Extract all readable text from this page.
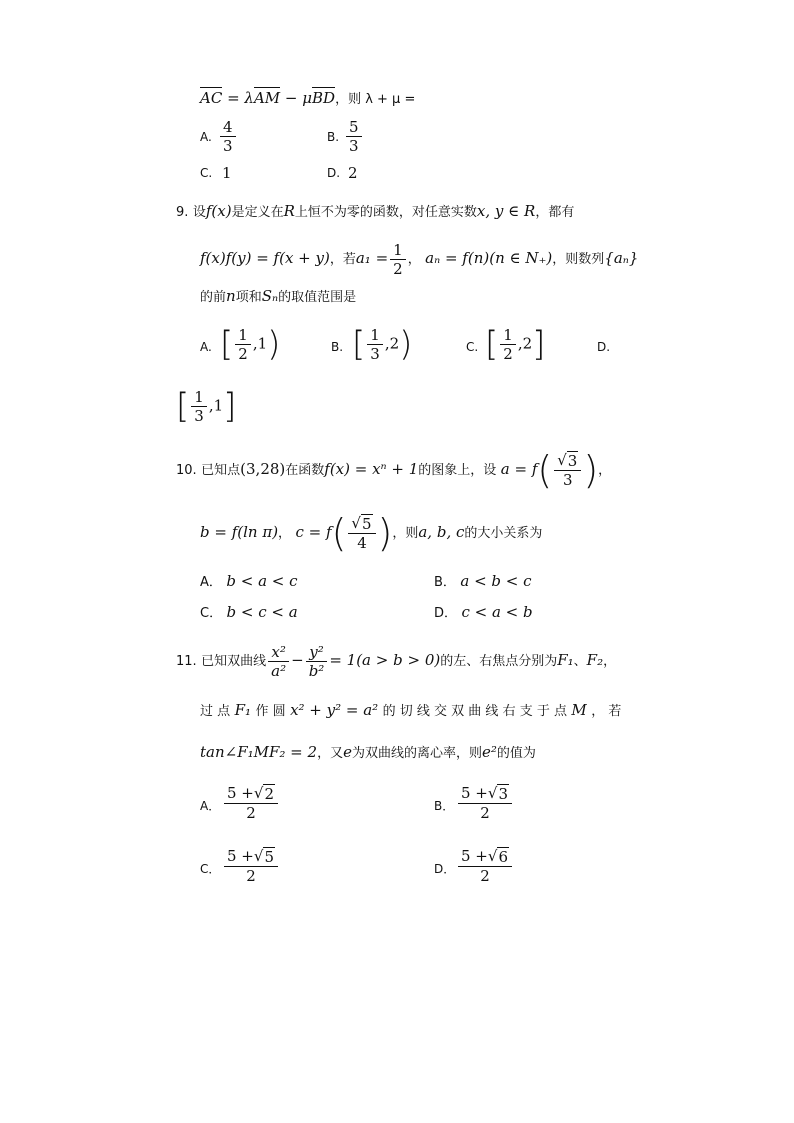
AC = λAM − μBD，则 λ + μ =
A. $\frac{4}{3}$	B. $\frac{5}{3}$
C. 1	D. 2
9. 设f(x)是定义在R上恒不为零的函数，对任意实数x, y ∈ R，都有
f(x)f(y) = f(x + y)，若$a_1 = \frac{1}{2}$ ， aₙ = f(n)(n ∈ N₊)，则数列{aₙ}
的前n项和Sₙ的取值范围是
A. [ $\frac{1}{2} ,1$)	B. [ $\frac{1}{3} ,2$)	C. [ $\frac{1}{2} ,2$]	D.
[ $\frac{1}{3} ,1$]
10. 已知点(3,28)在函数f(x) = xⁿ + 1的图象上，设 $a = f( \frac{√ 3}{3}$ )，
b = f(ln π)， $c = f( \frac{√ 5}{4}$ )，则a, b, c的大小关系为
A． b < a < c	B． a < b < c
C． b < c < a	D． c < a < b
11. 已知双曲线 $\frac{\text{x²}}{\text{a²}} - \frac{\text{y²}}{\text{b²}} = 1(a > b > 0)$的左、右焦点分别为F₁、F₂，
过 点 F₁ 作 圆 x² + y² = a² 的 切 线 交 双 曲 线 右 支 于 点 M ， 若
tan∠F₁MF₂ = 2，又e为双曲线的离心率，则e²的值为
A． $\frac{5 + √ 2}{2}$	B． $\frac{5 + √ 3}{2}$
C． $\frac{5 + √ 5}{2}$	D． $\frac{5 + √ 6}{2}$
